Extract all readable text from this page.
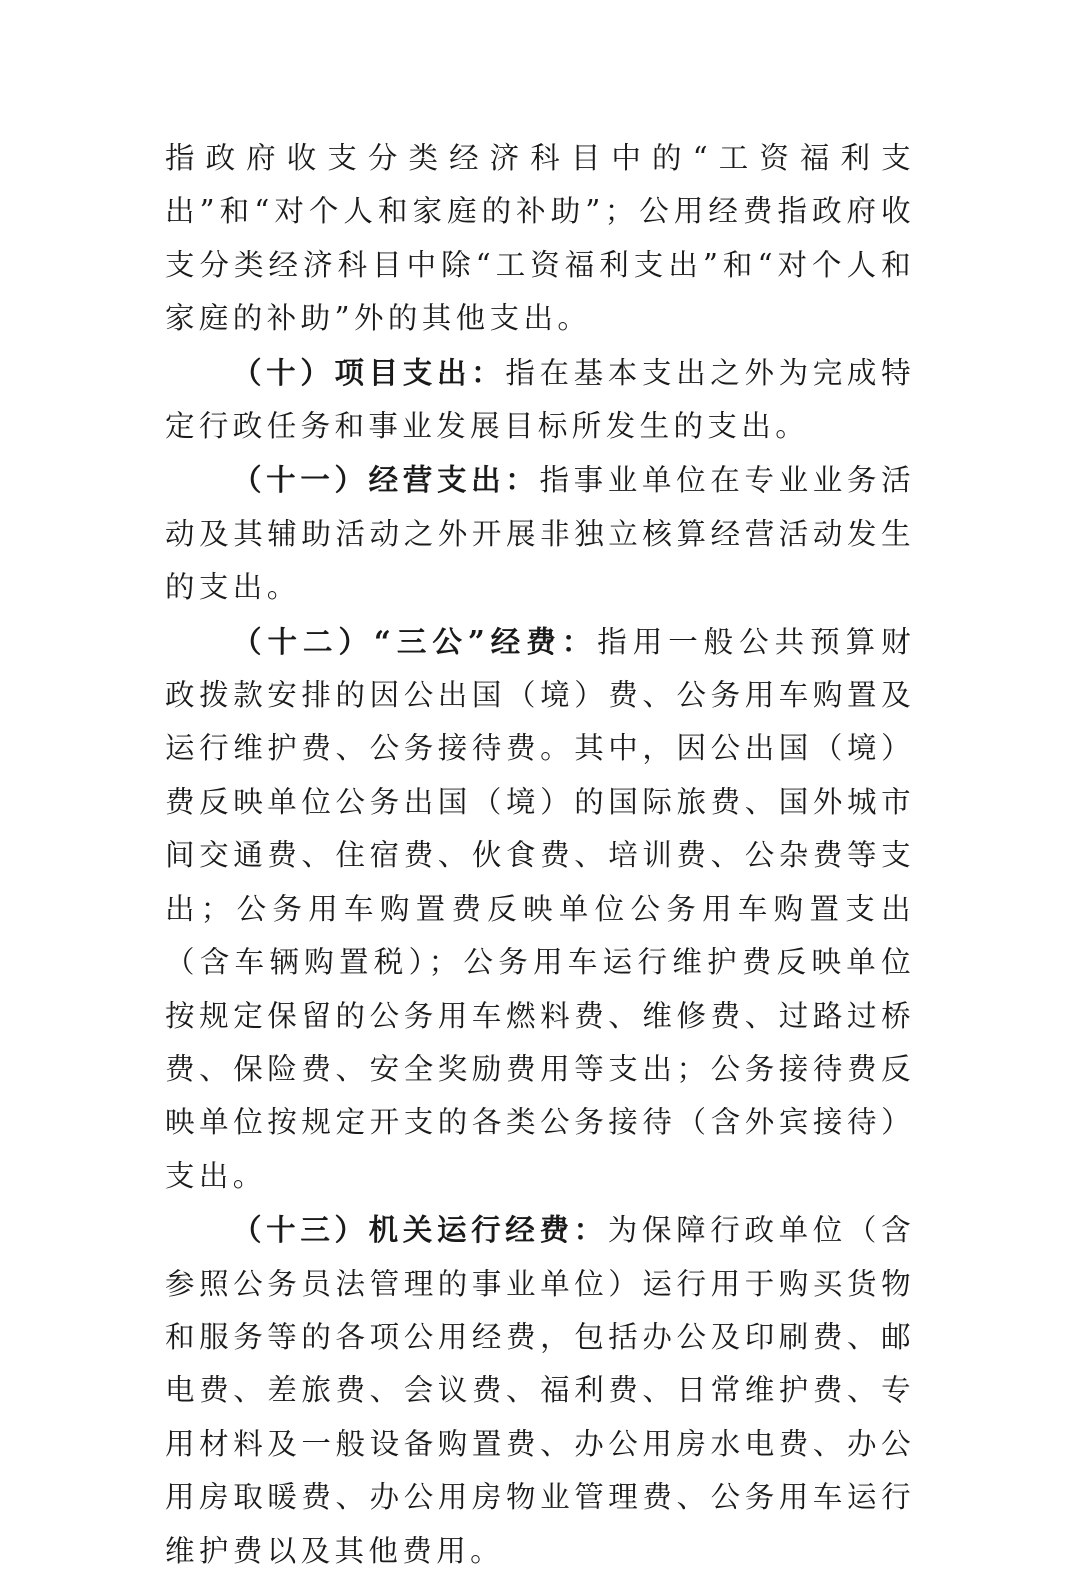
指政府收支分类经济科目中的“工资福利支出”和“对个人和家庭的补助”；公用经费指政府收支分类经济科目中除“工资福利支出”和“对个人和家庭的补助”外的其他支出。

（十）项目支出：指在基本支出之外为完成特定行政任务和事业发展目标所发生的支出。

（十一）经营支出：指事业单位在专业业务活动及其辅助活动之外开展非独立核算经营活动发生的支出。

（十二）“三公”经费：指用一般公共预算财政拨款安排的因公出国（境）费、公务用车购置及运行维护费、公务接待费。其中，因公出国（境）费反映单位公务出国（境）的国际旅费、国外城市间交通费、住宿费、伙食费、培训费、公杂费等支出；公务用车购置费反映单位公务用车购置支出（含车辆购置税）；公务用车运行维护费反映单位按规定保留的公务用车燃料费、维修费、过路过桥费、保险费、安全奖励费用等支出；公务接待费反映单位按规定开支的各类公务接待（含外宾接待）支出。

（十三）机关运行经费：为保障行政单位（含参照公务员法管理的事业单位）运行用于购买货物和服务等的各项公用经费，包括办公及印刷费、邮电费、差旅费、会议费、福利费、日常维护费、专用材料及一般设备购置费、办公用房水电费、办公用房取暖费、办公用房物业管理费、公务用车运行维护费以及其他费用。
